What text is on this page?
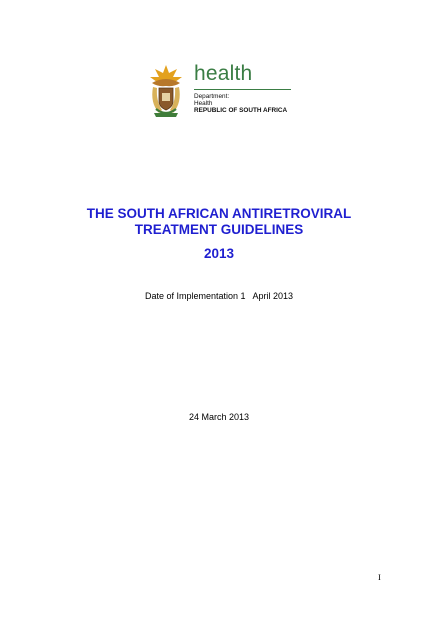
health
Department:
Health
REPUBLIC OF SOUTH AFRICA
THE SOUTH AFRICAN ANTIRETROVIRAL
TREATMENT GUIDELINES
2013
Date of Implementation 1   April 2013
24 March 2013
I
